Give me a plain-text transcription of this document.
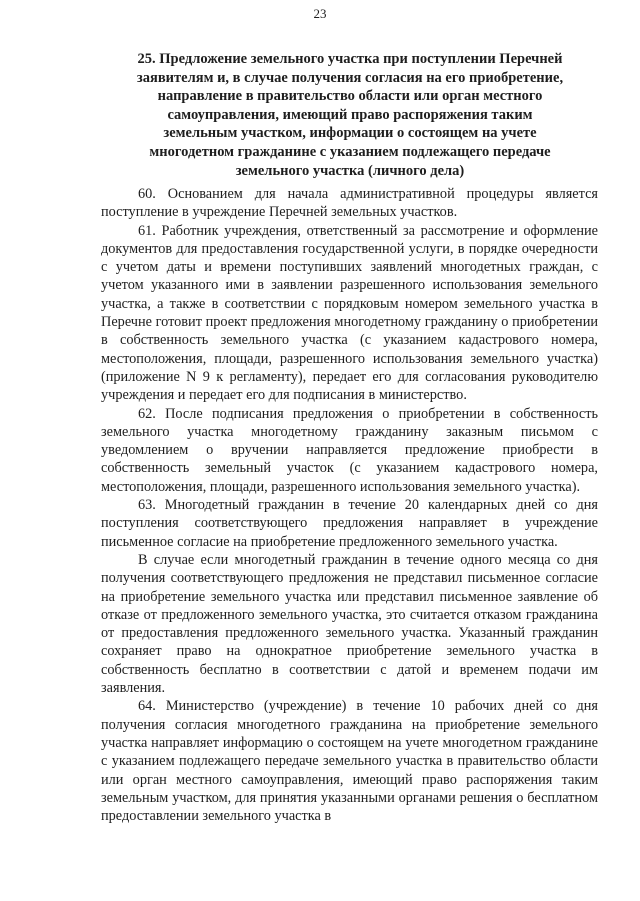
23
25. Предложение земельного участка при поступлении Перечней заявителям и, в случае получения согласия на его приобретение, направление в правительство области или орган местного самоуправления, имеющий право распоряжения таким земельным участком, информации о состоящем на учете многодетном гражданине с указанием подлежащего передаче земельного участка (личного дела)

60. Основанием для начала административной процедуры является поступление в учреждение Перечней земельных участков.

61. Работник учреждения, ответственный за рассмотрение и оформление документов для предоставления государственной услуги, в порядке очередности с учетом даты и времени поступивших заявлений многодетных граждан, с учетом указанного ими в заявлении разрешенного использования земельного участка, а также в соответствии с порядковым номером земельного участка в Перечне готовит проект предложения многодетному гражданину о приобретении в собственность земельного участка (с указанием кадастрового номера, местоположения, площади, разрешенного использования земельного участка) (приложение N 9 к регламенту), передает его для согласования руководителю учреждения и передает его для подписания в министерство.

62. После подписания предложения о приобретении в собственность земельного участка многодетному гражданину заказным письмом с уведомлением о вручении направляется предложение приобрести в собственность земельный участок (с указанием кадастрового номера, местоположения, площади, разрешенного использования земельного участка).

63. Многодетный гражданин в течение 20 календарных дней со дня поступления соответствующего предложения направляет в учреждение письменное согласие на приобретение предложенного земельного участка.

В случае если многодетный гражданин в течение одного месяца со дня получения соответствующего предложения не представил письменное согласие на приобретение земельного участка или представил письменное заявление об отказе от предложенного земельного участка, это считается отказом гражданина от предоставления предложенного земельного участка. Указанный гражданин сохраняет право на однократное приобретение земельного участка в собственность бесплатно в соответствии с датой и временем подачи им заявления.

64. Министерство (учреждение) в течение 10 рабочих дней со дня получения согласия многодетного гражданина на приобретение земельного участка направляет информацию о состоящем на учете многодетном гражданине с указанием подлежащего передаче земельного участка в правительство области или орган местного самоуправления, имеющий право распоряжения таким земельным участком, для принятия указанными органами решения о бесплатном предоставлении земельного участка в
